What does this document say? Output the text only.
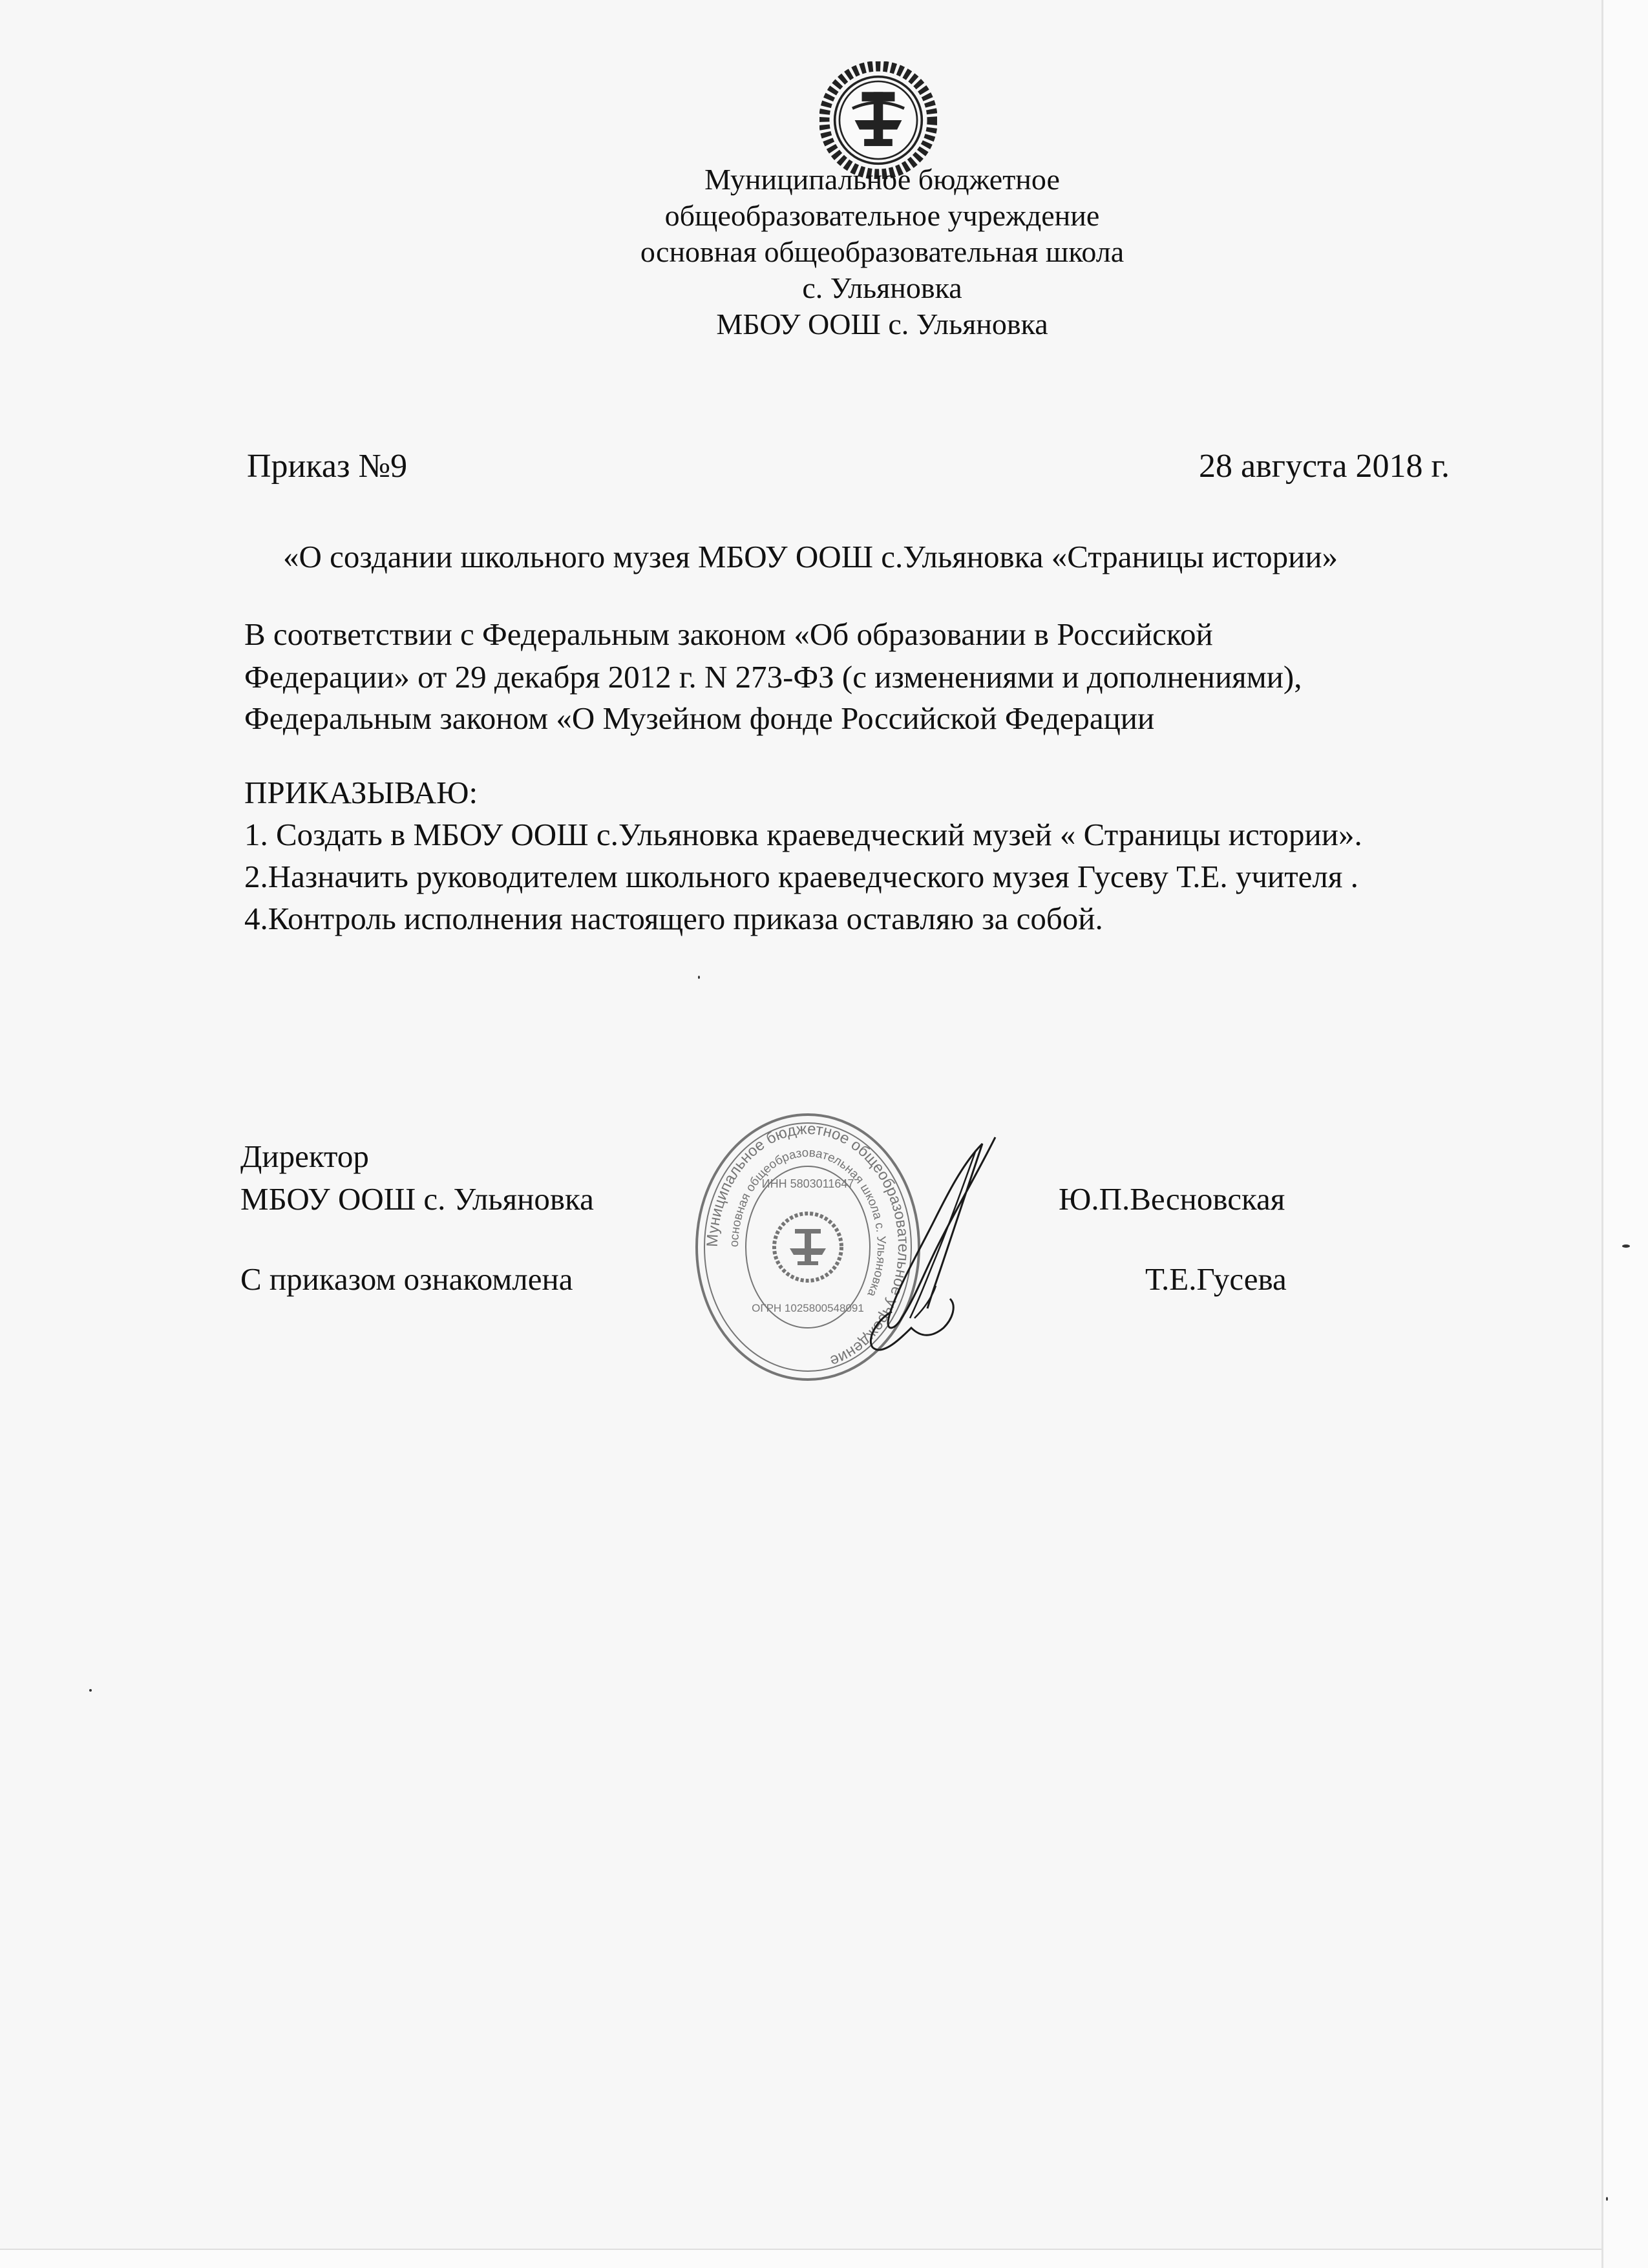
Муниципальное бюджетное
общеобразовательное учреждение
основная общеобразовательная школа
с. Ульяновка
МБОУ ООШ с. Ульяновка
Приказ №9	28 августа 2018 г.
«О создании школьного музея МБОУ ООШ с.Ульяновка «Страницы истории»
В соответствии с Федеральным законом «Об образовании в Российской
Федерации» от 29 декабря 2012 г. N 273-ФЗ (с изменениями и дополнениями),
Федеральным законом «О Музейном фонде Российской Федерации
ПРИКАЗЫВАЮ:
1. Создать в МБОУ ООШ с.Ульяновка краеведческий музей « Страницы истории».
2.Назначить руководителем школьного краеведческого музея Гусеву Т.Е. учителя .
4.Контроль исполнения настоящего приказа оставляю за собой.
Директор
МБОУ ООШ с. Ульяновка	Ю.П.Весновская
С приказом ознакомлена	Т.Е.Гусева
Муниципальное бюджетное общеобразовательное учреждение
основная общеобразовательная школа с. Ульяновка
ИНН 5803011647
ОГРН 1025800548091
